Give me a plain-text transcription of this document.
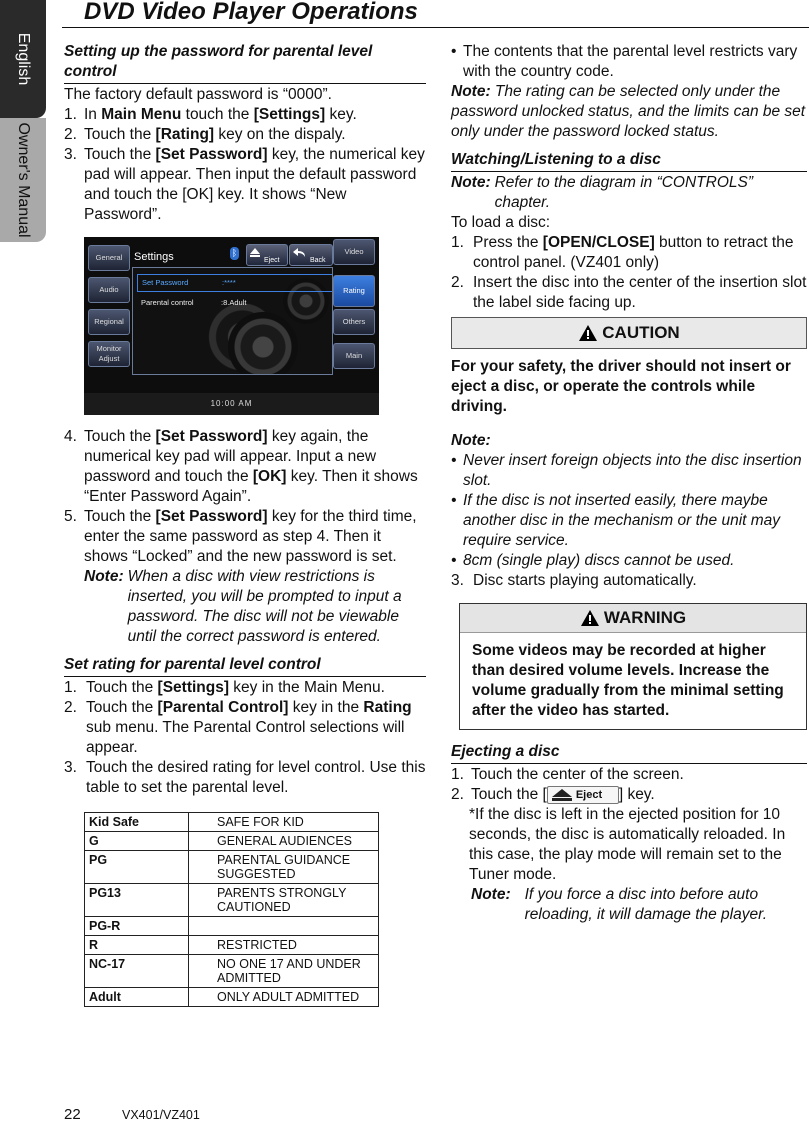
English
Owner's Manual
DVD Video Player Operations

Setting up the password for parental level control

The factory default password is “0000”.

1. In Main Menu touch the [Settings] key.
2. Touch the [Rating] key on the dispaly.
3. Touch the [Set Password] key, the numerical key pad will appear. Then input the default password and touch the [OK] key. It shows “New Password”.
General
Audio
Regional
Monitor Adjust
Settings	ᛒ
Eject	Back
Video
Rating
Others
Main
Set Password	:****
Parental control	:8.Adult
10:00 AM
4. Touch the [Set Password] key again, the numerical key pad will appear. Input a new password and touch the [OK] key. Then it shows “Enter Password Again”.
5. Touch the [Set Password] key for the third time, enter the same password as step 4. Then it shows “Locked” and the new password is set.
Note: When a disc with view restrictions is inserted, you will be prompted to input a password. The disc will not be viewable until the correct password is entered.

Set rating for parental level control

1. Touch the [Settings] key in the Main Menu.
2. Touch the [Parental Control] key in the Rating sub menu. The Parental Control selections will appear.
3. Touch the desired rating for level control. Use this table to set the parental level.
Kid Safe	SAFE FOR KID
G	GENERAL AUDIENCES
PG	PARENTAL GUIDANCE SUGGESTED
PG13	PARENTS STRONGLY CAUTIONED
PG-R	
R	RESTRICTED
NC-17	NO ONE 17 AND UNDER ADMITTED
Adult	ONLY ADULT ADMITTED
• The contents that the parental level restricts vary with the country code.

Note: The rating can be selected only under the password unlocked status, and the limits can be set only under the password locked status.

Watching/Listening to a disc

Note: Refer to the diagram in “CONTROLS” chapter.

To load a disc:

1. Press the [OPEN/CLOSE] button to retract the control panel. (VZ401 only)
2. Insert the disc into the center of the insertion slot the label side facing up.
CAUTION

For your safety, the driver should not insert or eject a disc, or operate the controls while driving.

Note:

• Never insert foreign objects into the disc insertion slot.
• If the disc is not inserted easily, there maybe another disc in the mechanism or the unit may require service.
• 8cm (single play) discs cannot be used.
3. Disc starts playing automatically.
WARNING
Some videos may be recorded at higher than desired volume levels. Increase the volume gradually from the minimal setting after the video has started.

Ejecting a disc

1. Touch the center of the screen.
2. Touch the [	Eject ] key.

*If the disc is left in the ejected position for 10 seconds, the disc is automatically reloaded. In this case, the play mode will remain set to the Tuner mode.

Note: If you force a disc into before auto reloading, it will damage the player.
22	VX401/VZ401
